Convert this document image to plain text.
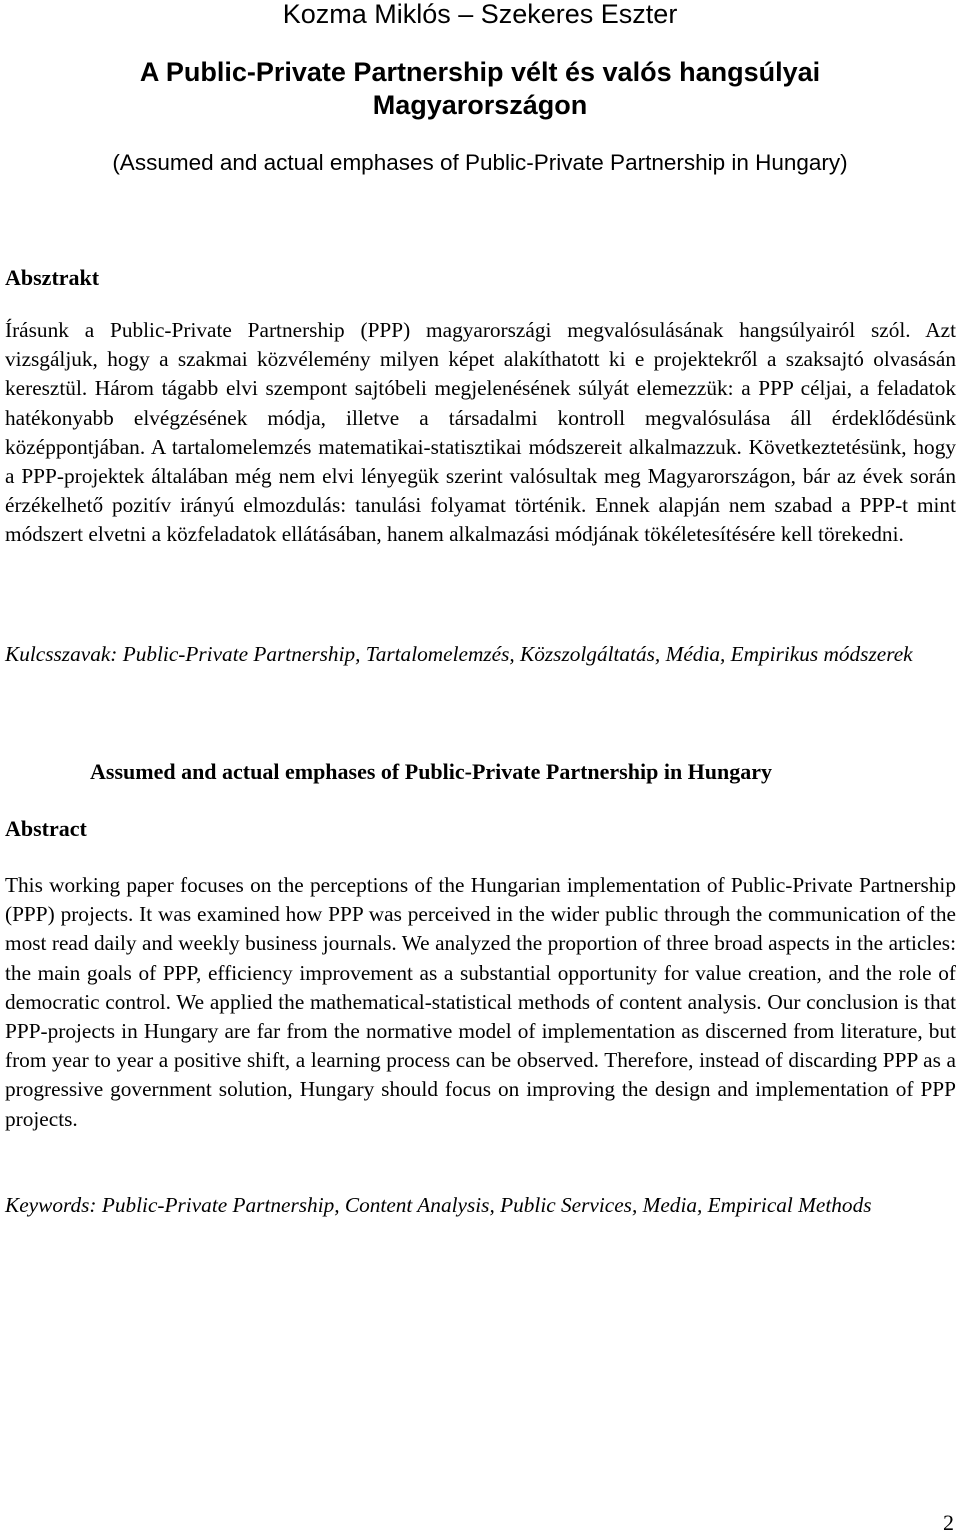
Kozma Miklós – Szekeres Eszter
A Public-Private Partnership vélt és valós hangsúlyai Magyarországon
(Assumed and actual emphases of Public-Private Partnership in Hungary)
Absztrakt

Írásunk a Public-Private Partnership (PPP) magyarországi megvalósulásának hangsúlyairól szól. Azt vizsgáljuk, hogy a szakmai közvélemény milyen képet alakíthatott ki e projektekről a szaksajtó olvasásán keresztül. Három tágabb elvi szempont sajtóbeli megjelenésének súlyát elemezzük: a PPP céljai, a feladatok hatékonyabb elvégzésének módja, illetve a társadalmi kontroll megvalósulása áll érdeklődésünk középpontjában. A tartalomelemzés matematikai-statisztikai módszereit alkalmazzuk. Következtetésünk, hogy a PPP-projektek általában még nem elvi lényegük szerint valósultak meg Magyarországon, bár az évek során érzékelhető pozitív irányú elmozdulás: tanulási folyamat történik. Ennek alapján nem szabad a PPP-t mint módszert elvetni a közfeladatok ellátásában, hanem alkalmazási módjának tökéletesítésére kell törekedni.

Kulcsszavak: Public-Private Partnership, Tartalomelemzés, Közszolgáltatás, Média, Empirikus módszerek

Assumed and actual emphases of Public-Private Partnership in Hungary
Abstract

This working paper focuses on the perceptions of the Hungarian implementation of Public-Private Partnership (PPP) projects. It was examined how PPP was perceived in the wider public through the communication of the most read daily and weekly business journals. We analyzed the proportion of three broad aspects in the articles: the main goals of PPP, efficiency improvement as a substantial opportunity for value creation, and the role of democratic control. We applied the mathematical-statistical methods of content analysis. Our conclusion is that PPP-projects in Hungary are far from the normative model of implementation as discerned from literature, but from year to year a positive shift, a learning process can be observed. Therefore, instead of discarding PPP as a progressive government solution, Hungary should focus on improving the design and implementation of PPP projects.

Keywords: Public-Private Partnership, Content Analysis, Public Services, Media, Empirical Methods

2
